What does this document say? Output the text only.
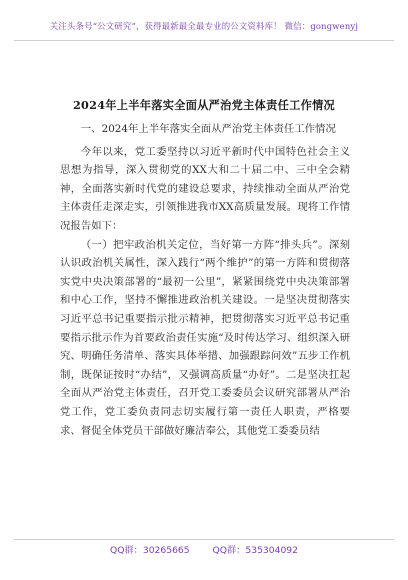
关注头条号“公文研究”，获得最新最全最专业的公文资料库！ 微信：gongwenyj
2024年上半年落实全面从严治党主体责任工作情况

一、2024年上半年落实全面从严治党主体责任工作情况

今年以来，党工委坚持以习近平新时代中国特色社会主义思想为指导，深入贯彻党的XX大和二十届二中、三中全会精神，全面落实新时代党的建设总要求，持续推动全面从严治党主体责任走深走实，引领推进我市XX高质量发展。现将工作情况报告如下：

（一）把牢政治机关定位，当好第一方阵“排头兵”。深刻认识政治机关属性，深入践行“两个维护”的第一方阵和贯彻落实党中央决策部署的“最初一公里”，紧紧围绕党中央决策部署和中心工作，坚持不懈推进政治机关建设。一是坚决贯彻落实习近平总书记重要指示批示精神，把贯彻落实习近平总书记重要指示批示作为首要政治责任实施“及时传达学习、组织深入研究、明确任务清单、落实具体举措、加强跟踪问效”五步工作机制，既保证按时“办结”，又强调高质量“办好”。二是坚决扛起全面从严治党主体责任，召开党工委委员会议研究部署从严治党工作，党工委负责同志切实履行第一责任人职责，严格要求、督促全体党员干部做好廉洁奉公，其他党工委委员结

QQ群：30265665 QQ群：535304092
